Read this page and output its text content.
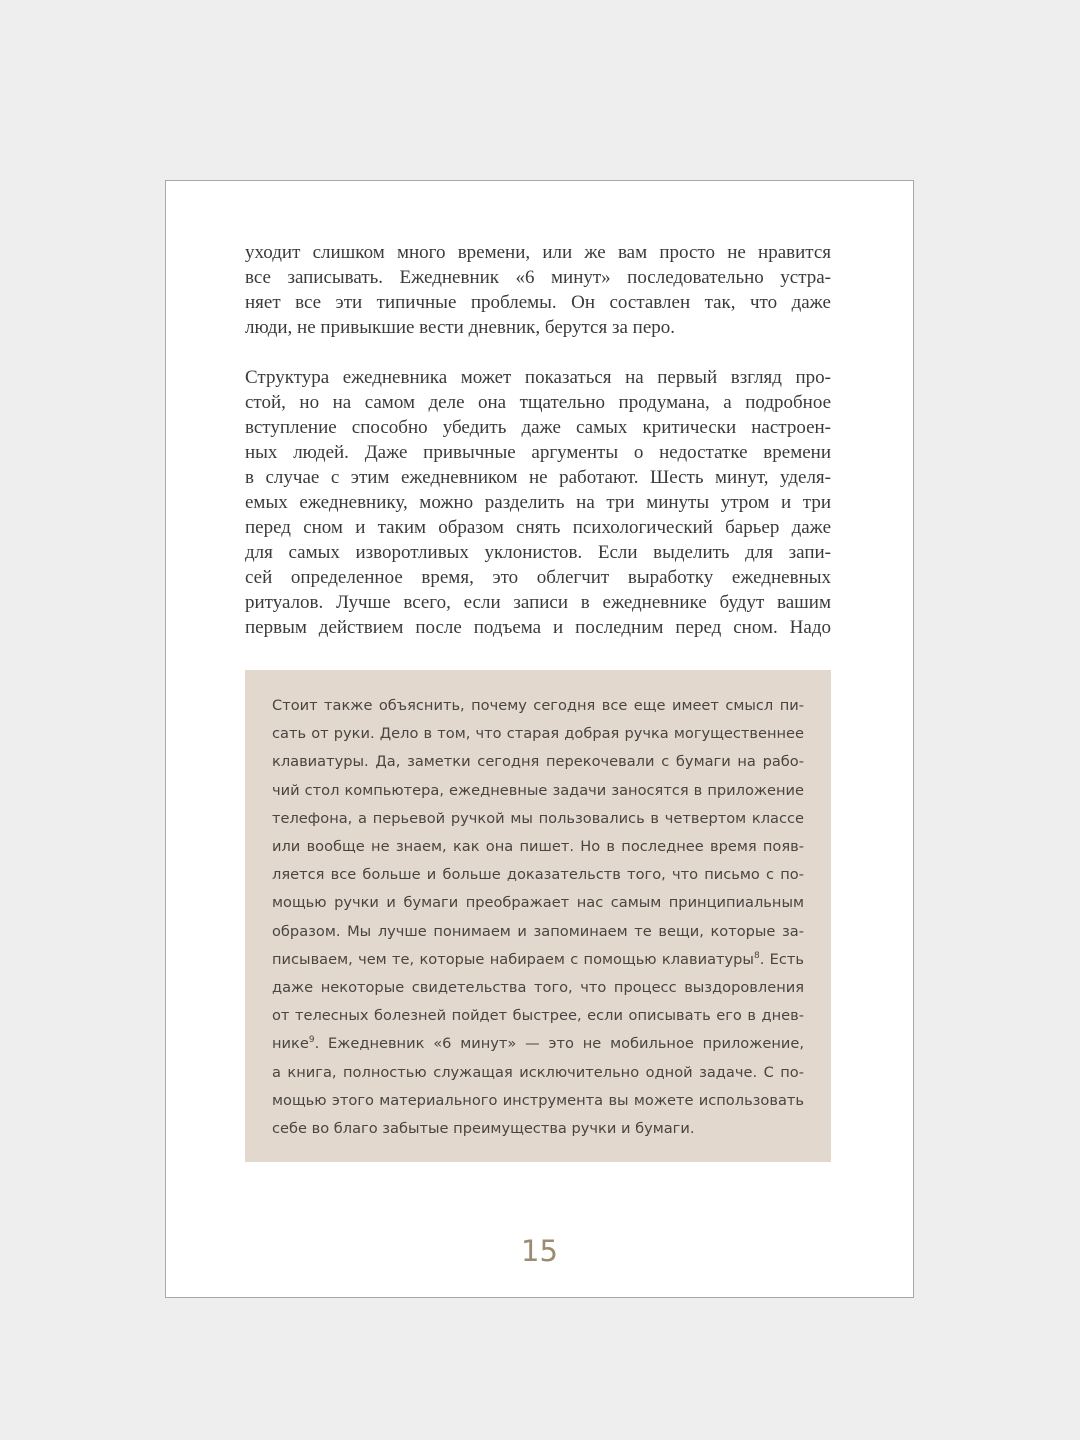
уходит слишком много времени, или же вам просто не нравится
все записывать. Ежедневник «6 минут» последовательно устра-
няет все эти типичные проблемы. Он составлен так, что даже
люди, не привыкшие вести дневник, берутся за перо.

Структура ежедневника может показаться на первый взгляд про-
стой, но на самом деле она тщательно продумана, а подробное
вступление способно убедить даже самых критически настроен-
ных людей. Даже привычные аргументы о недостатке времени
в случае с этим ежедневником не работают. Шесть минут, уделя-
емых ежедневнику, можно разделить на три минуты утром и три
перед сном и таким образом снять психологический барьер даже
для самых изворотливых уклонистов. Если выделить для запи-
сей определенное время, это облегчит выработку ежедневных
ритуалов. Лучше всего, если записи в ежедневнике будут вашим
первым действием после подъема и последним перед сном. Надо

Стоит также объяснить, почему сегодня все еще имеет смысл пи-
сать от руки. Дело в том, что старая добрая ручка могущественнее
клавиатуры. Да, заметки сегодня перекочевали с бумаги на рабо-
чий стол компьютера, ежедневные задачи заносятся в приложение
телефона, а перьевой ручкой мы пользовались в четвертом классе
или вообще не знаем, как она пишет. Но в последнее время появ-
ляется все больше и больше доказательств того, что письмо с по-
мощью ручки и бумаги преображает нас самым принципиальным
образом. Мы лучше понимаем и запоминаем те вещи, которые за-
писываем, чем те, которые набираем с помощью клавиатуры$^8$. Есть
даже некоторые свидетельства того, что процесс выздоровления
от телесных болезней пойдет быстрее, если описывать его в днев-
нике$^9$. Ежедневник «6 минут» — это не мобильное приложение,
а книга, полностью служащая исключительно одной задаче. С по-
мощью этого материального инструмента вы можете использовать
себе во благо забытые преимущества ручки и бумаги.

15
